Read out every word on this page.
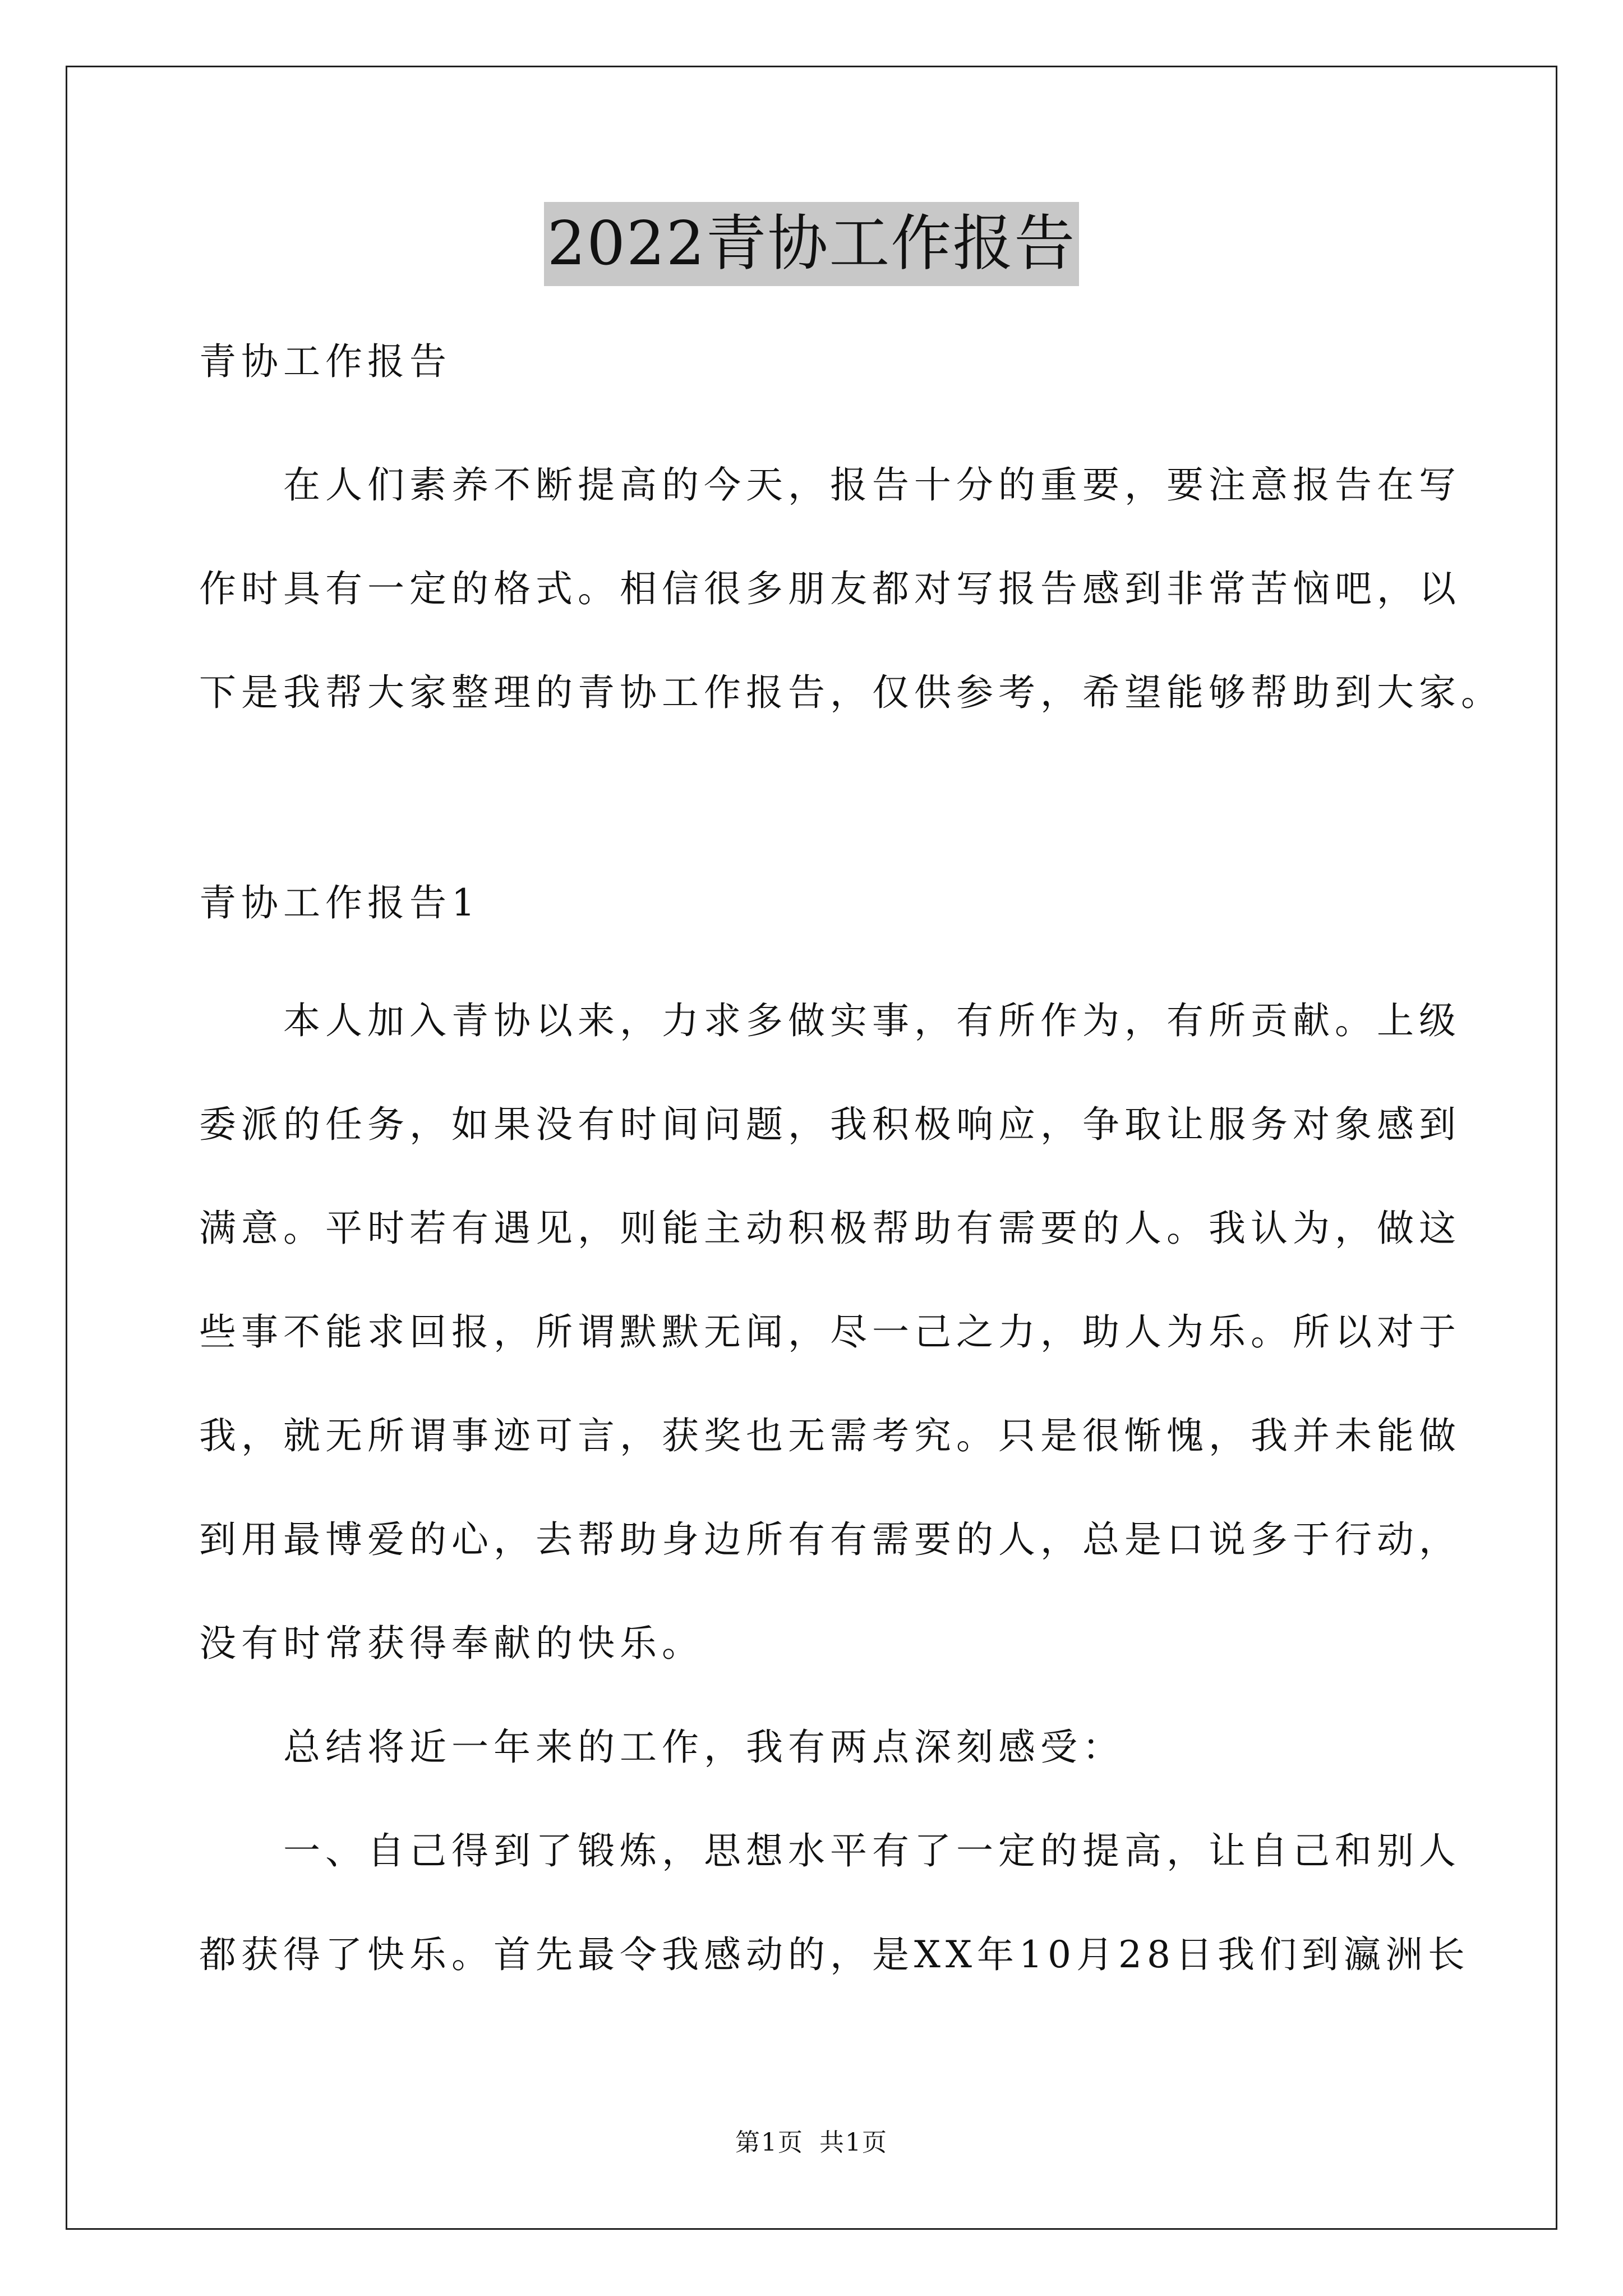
2022青协工作报告
青协工作报告
在人们素养不断提高的今天，报告十分的重要，要注意报告在写
作时具有一定的格式。相信很多朋友都对写报告感到非常苦恼吧，以
下是我帮大家整理的青协工作报告，仅供参考，希望能够帮助到大家。
青协工作报告1
本人加入青协以来，力求多做实事，有所作为，有所贡献。上级
委派的任务，如果没有时间问题，我积极响应，争取让服务对象感到
满意。平时若有遇见，则能主动积极帮助有需要的人。我认为，做这
些事不能求回报，所谓默默无闻，尽一己之力，助人为乐。所以对于
我，就无所谓事迹可言，获奖也无需考究。只是很惭愧，我并未能做
到用最博爱的心，去帮助身边所有有需要的人，总是口说多于行动，
没有时常获得奉献的快乐。
总结将近一年来的工作，我有两点深刻感受：
一、自己得到了锻炼，思想水平有了一定的提高，让自己和别人
都获得了快乐。首先最令我感动的，是XX年10月28日我们到瀛洲长
第1页 共1页
